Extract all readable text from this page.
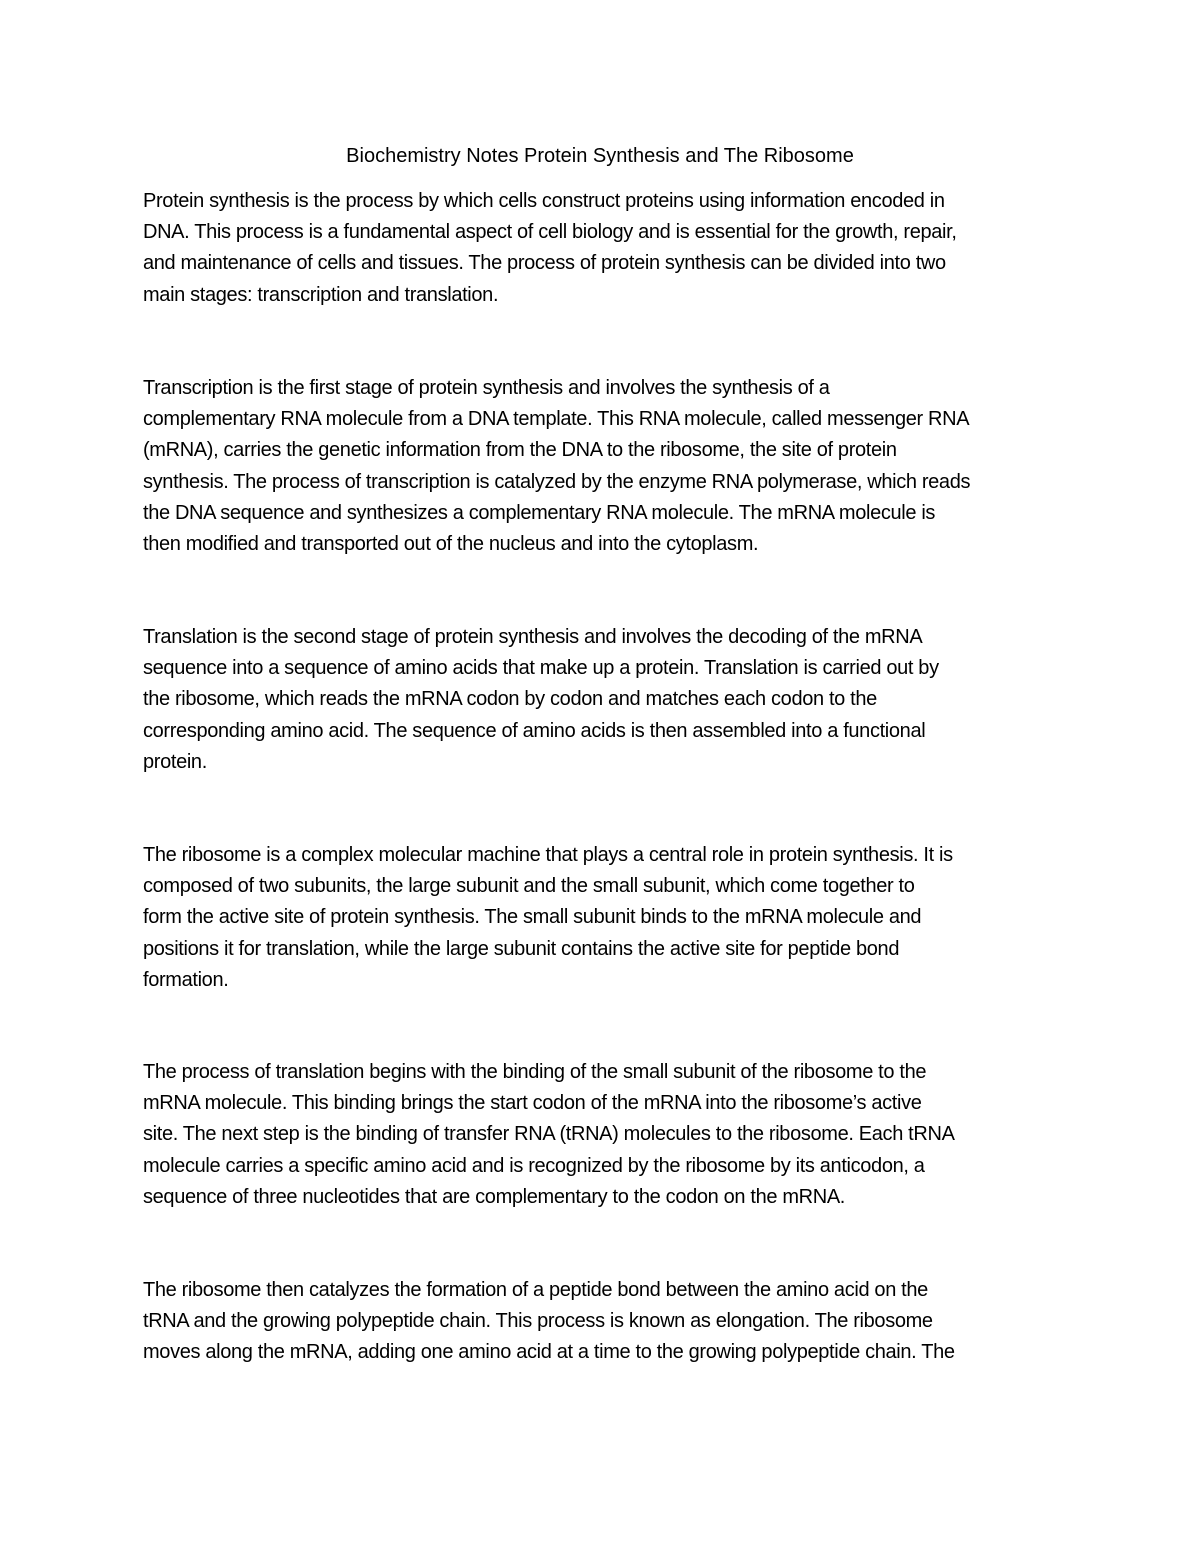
Biochemistry Notes Protein Synthesis and The Ribosome
Protein synthesis is the process by which cells construct proteins using information encoded in
DNA. This process is a fundamental aspect of cell biology and is essential for the growth, repair,
and maintenance of cells and tissues. The process of protein synthesis can be divided into two
main stages: transcription and translation.
Transcription is the first stage of protein synthesis and involves the synthesis of a
complementary RNA molecule from a DNA template. This RNA molecule, called messenger RNA
(mRNA), carries the genetic information from the DNA to the ribosome, the site of protein
synthesis. The process of transcription is catalyzed by the enzyme RNA polymerase, which reads
the DNA sequence and synthesizes a complementary RNA molecule. The mRNA molecule is
then modified and transported out of the nucleus and into the cytoplasm.
Translation is the second stage of protein synthesis and involves the decoding of the mRNA
sequence into a sequence of amino acids that make up a protein. Translation is carried out by
the ribosome, which reads the mRNA codon by codon and matches each codon to the
corresponding amino acid. The sequence of amino acids is then assembled into a functional
protein.
The ribosome is a complex molecular machine that plays a central role in protein synthesis. It is
composed of two subunits, the large subunit and the small subunit, which come together to
form the active site of protein synthesis. The small subunit binds to the mRNA molecule and
positions it for translation, while the large subunit contains the active site for peptide bond
formation.
The process of translation begins with the binding of the small subunit of the ribosome to the
mRNA molecule. This binding brings the start codon of the mRNA into the ribosome’s active
site. The next step is the binding of transfer RNA (tRNA) molecules to the ribosome. Each tRNA
molecule carries a specific amino acid and is recognized by the ribosome by its anticodon, a
sequence of three nucleotides that are complementary to the codon on the mRNA.
The ribosome then catalyzes the formation of a peptide bond between the amino acid on the
tRNA and the growing polypeptide chain. This process is known as elongation. The ribosome
moves along the mRNA, adding one amino acid at a time to the growing polypeptide chain. The
